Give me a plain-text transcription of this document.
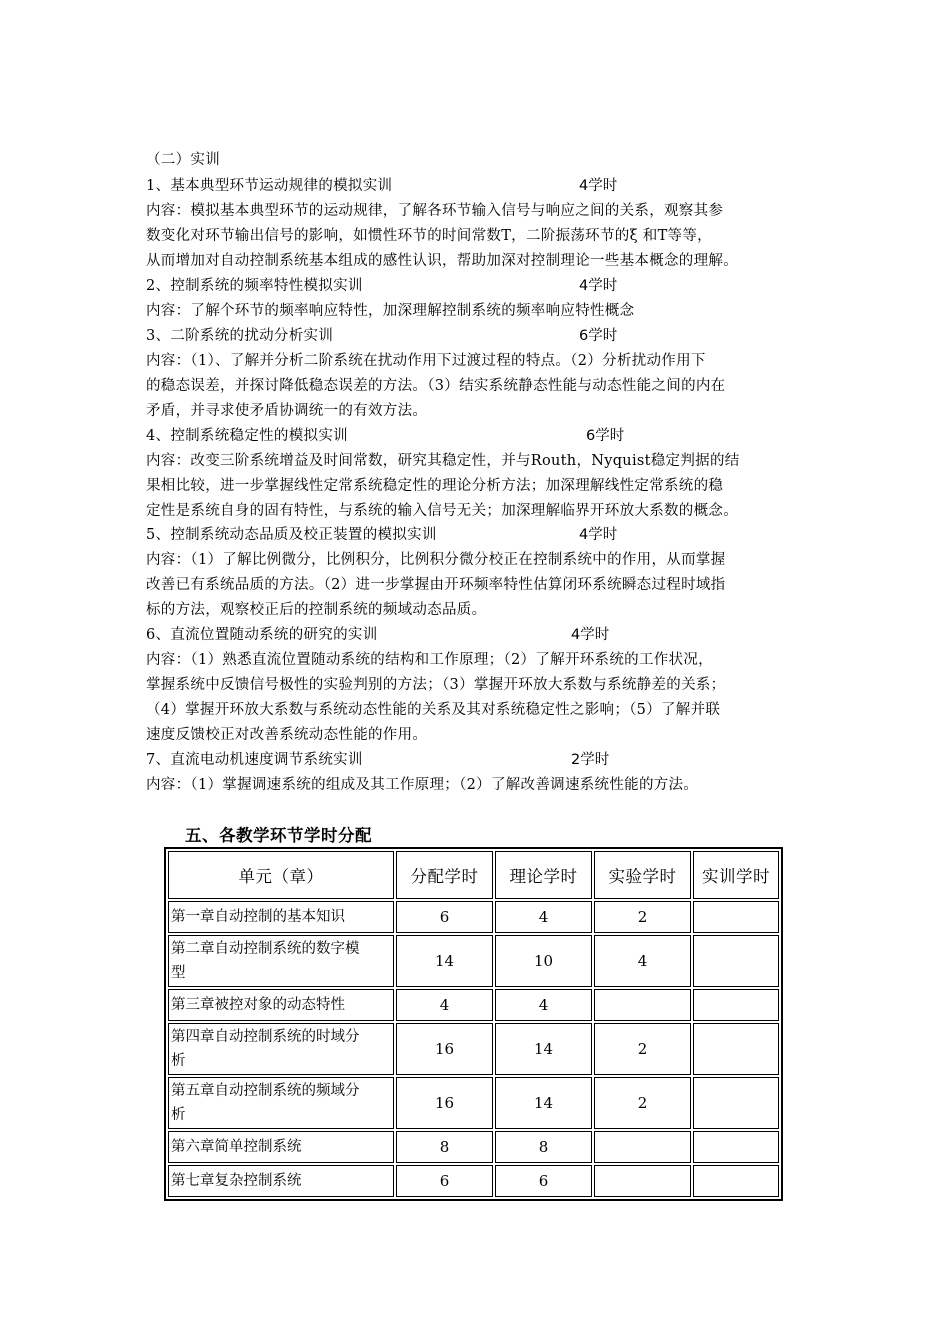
（二）实训
1、基本典型环节运动规律的模拟实训	4学时
内容：模拟基本典型环节的运动规律，了解各环节输入信号与响应之间的关系，观察其参
数变化对环节输出信号的影响，如惯性环节的时间常数T，二阶振荡环节的ξ 和T等等，
从而增加对自动控制系统基本组成的感性认识，帮助加深对控制理论一些基本概念的理解。
2、控制系统的频率特性模拟实训	4学时
内容：了解个环节的频率响应特性，加深理解控制系统的频率响应特性概念
3、二阶系统的扰动分析实训	6学时
内容：（1）、了解并分析二阶系统在扰动作用下过渡过程的特点。（2）分析扰动作用下
的稳态误差，并探讨降低稳态误差的方法。（3）结实系统静态性能与动态性能之间的内在
矛盾，并寻求使矛盾协调统一的有效方法。
4、控制系统稳定性的模拟实训	6学时
内容：改变三阶系统增益及时间常数，研究其稳定性，并与Routh，Nyquist稳定判据的结
果相比较，进一步掌握线性定常系统稳定性的理论分析方法；加深理解线性定常系统的稳
定性是系统自身的固有特性，与系统的输入信号无关；加深理解临界开环放大系数的概念。
5、控制系统动态品质及校正装置的模拟实训	4学时
内容：（1）了解比例微分，比例积分，比例积分微分校正在控制系统中的作用，从而掌握
改善已有系统品质的方法。（2）进一步掌握由开环频率特性估算闭环系统瞬态过程时域指
标的方法，观察校正后的控制系统的频域动态品质。
6、直流位置随动系统的研究的实训	4学时
内容：（1）熟悉直流位置随动系统的结构和工作原理；（2）了解开环系统的工作状况，
掌握系统中反馈信号极性的实验判别的方法；（3）掌握开环放大系数与系统静差的关系；
（4）掌握开环放大系数与系统动态性能的关系及其对系统稳定性之影响；（5）了解并联
速度反馈校正对改善系统动态性能的作用。
7、直流电动机速度调节系统实训	2学时
内容：（1）掌握调速系统的组成及其工作原理；（2）了解改善调速系统性能的方法。
五、各教学环节学时分配
单元（章）	分配学时	理论学时	实验学时	实训学时
第一章自动控制的基本知识	6	4	2	
第二章自动控制系统的数字模
型	14	10	4	
第三章被控对象的动态特性	4	4		
第四章自动控制系统的时域分
析	16	14	2	
第五章自动控制系统的频域分
析	16	14	2	
第六章简单控制系统	8	8		
第七章复杂控制系统	6	6		
